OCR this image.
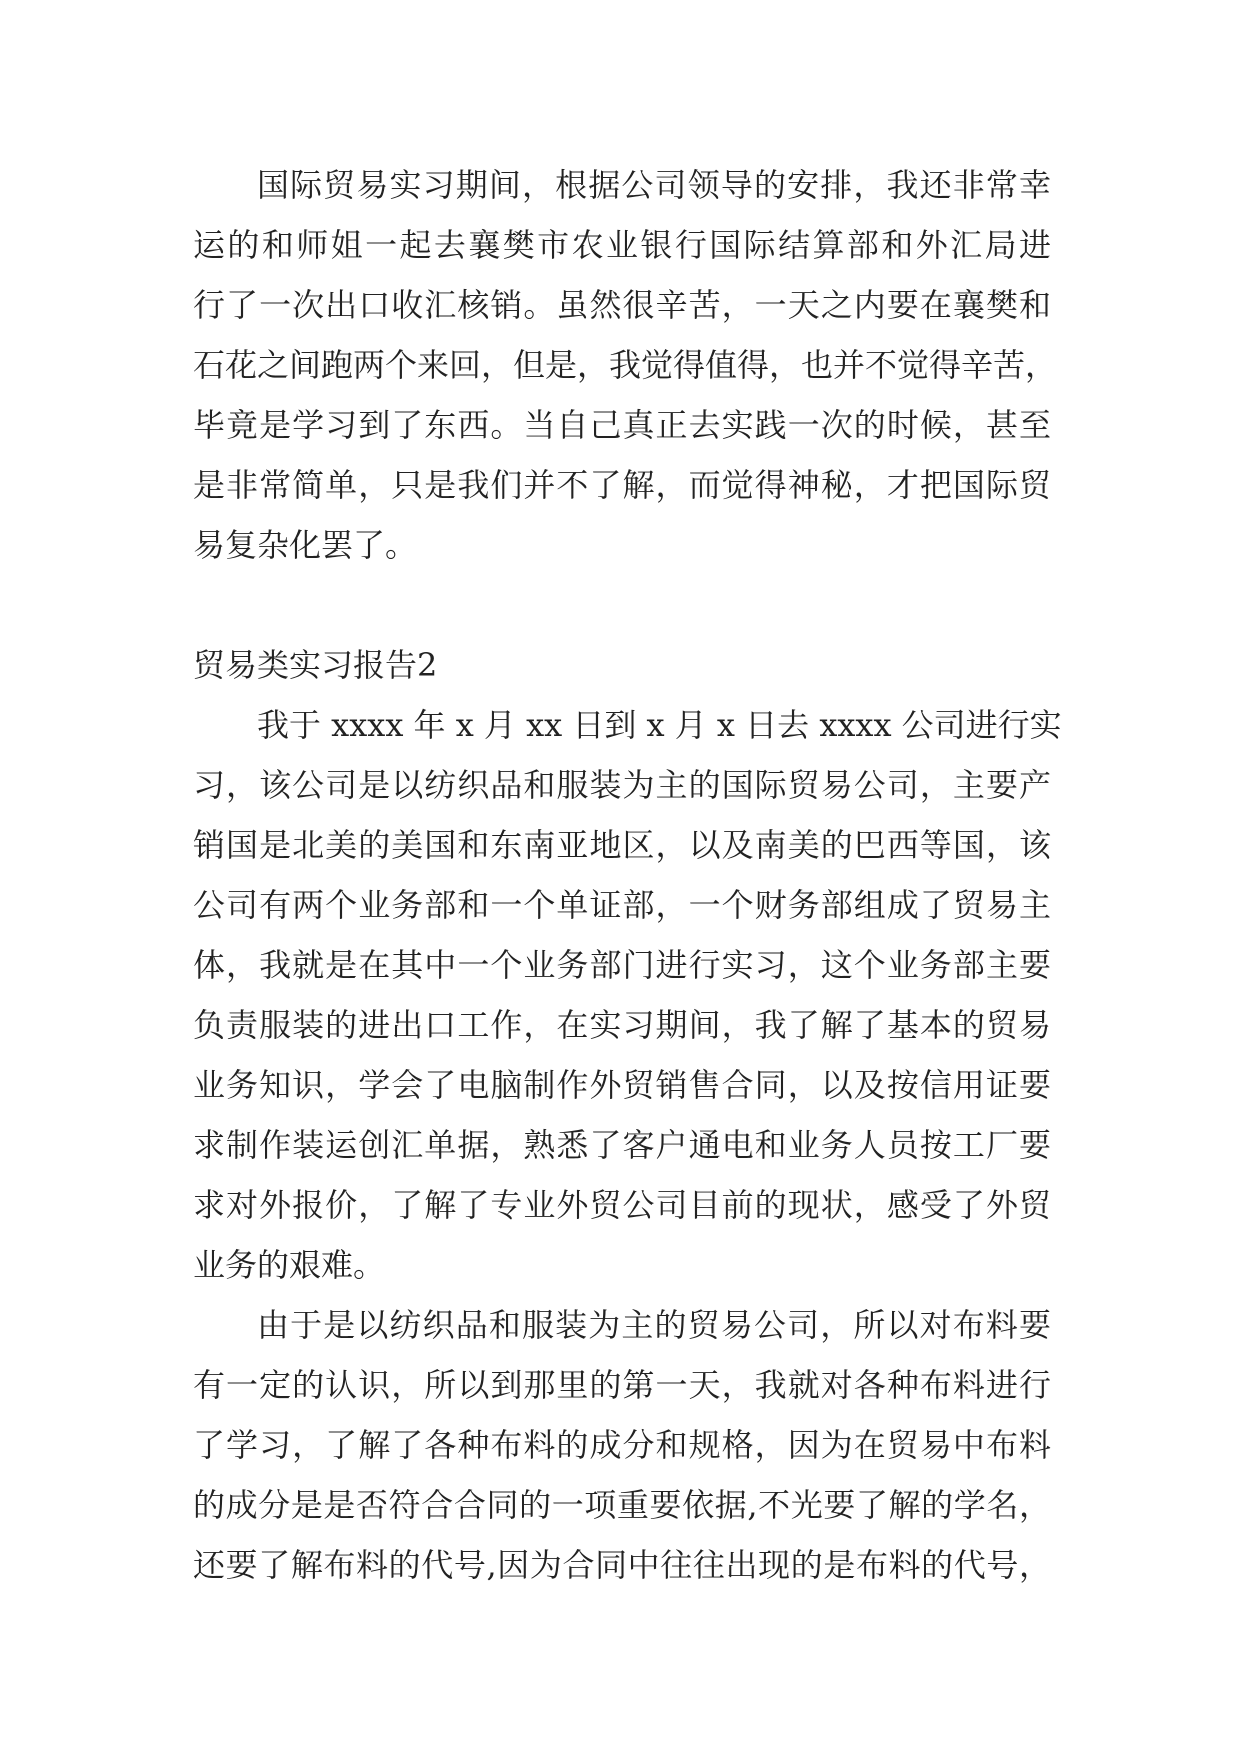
国际贸易实习期间，根据公司领导的安排，我还非常幸
运的和师姐一起去襄樊市农业银行国际结算部和外汇局进
行了一次出口收汇核销。虽然很辛苦，一天之内要在襄樊和
石花之间跑两个来回，但是，我觉得值得，也并不觉得辛苦，
毕竟是学习到了东西。当自己真正去实践一次的时候，甚至
是非常简单，只是我们并不了解，而觉得神秘，才把国际贸
易复杂化罢了。
贸易类实习报告2
我于 xxxx 年 x 月 xx 日到 x 月 x 日去 xxxx 公司进行实
习，该公司是以纺织品和服装为主的国际贸易公司，主要产
销国是北美的美国和东南亚地区，以及南美的巴西等国，该
公司有两个业务部和一个单证部，一个财务部组成了贸易主
体，我就是在其中一个业务部门进行实习，这个业务部主要
负责服装的进出口工作，在实习期间，我了解了基本的贸易
业务知识，学会了电脑制作外贸销售合同，以及按信用证要
求制作装运创汇单据，熟悉了客户通电和业务人员按工厂要
求对外报价，了解了专业外贸公司目前的现状，感受了外贸
业务的艰难。
由于是以纺织品和服装为主的贸易公司，所以对布料要
有一定的认识，所以到那里的第一天，我就对各种布料进行
了学习，了解了各种布料的成分和规格，因为在贸易中布料
的成分是是否符合合同的一项重要依据,不光要了解的学名，
还要了解布料的代号,因为合同中往往出现的是布料的代号，
